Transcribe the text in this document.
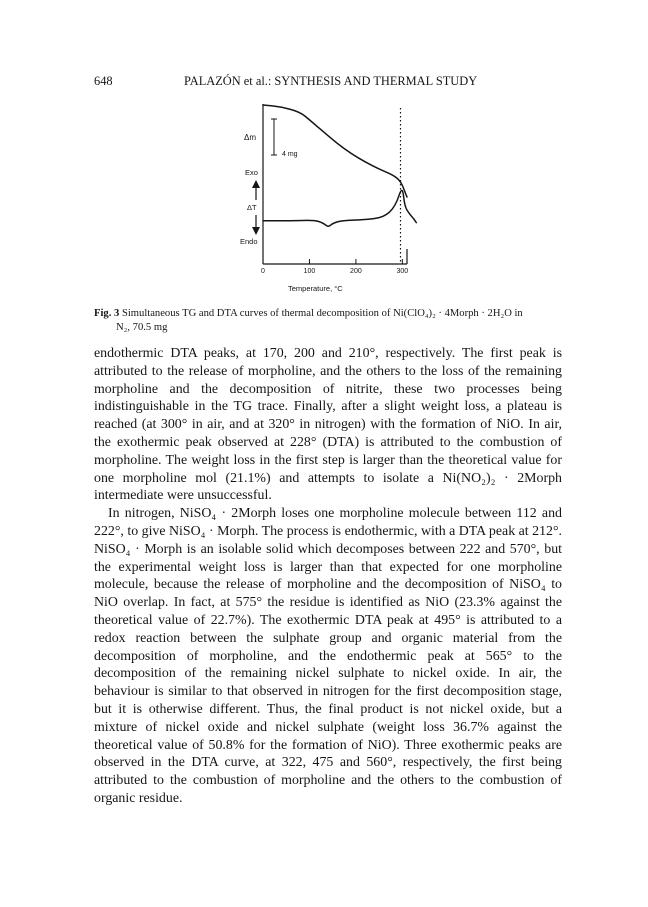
648	PALAZÓN et al.: SYNTHESIS AND THERMAL STUDY
0	100	200	300
Δm
Exo
ΔT
Endo
4 mg
Temperature, °C
Fig. 3 Simultaneous TG and DTA curves of thermal decomposition of Ni(ClO₄)₂ · 4Morph · 2H₂O in
N₂, 70.5 mg

endothermic DTA peaks, at 170, 200 and 210°, respectively. The first peak is attributed to the release of morpholine, and the others to the loss of the remaining morpholine and the decomposition of nitrite, these two processes being indistinguishable in the TG trace. Finally, after a slight weight loss, a plateau is reached (at 300° in air, and at 320° in nitrogen) with the formation of NiO. In air, the exothermic peak observed at 228° (DTA) is attributed to the combustion of morpholine. The weight loss in the first step is larger than the theoretical value for one morpholine mol (21.1%) and attempts to isolate a Ni(NO₂)₂ · 2Morph intermediate were unsuccessful.

In nitrogen, NiSO₄ · 2Morph loses one morpholine molecule between 112 and 222°, to give NiSO₄ · Morph. The process is endothermic, with a DTA peak at 212°. NiSO₄ · Morph is an isolable solid which decomposes between 222 and 570°, but the experimental weight loss is larger than that expected for one morpholine molecule, because the release of morpholine and the decomposition of NiSO₄ to NiO overlap. In fact, at 575° the residue is identified as NiO (23.3% against the theoretical value of 22.7%). The exothermic DTA peak at 495° is attributed to a redox reaction between the sulphate group and organic material from the decomposition of morpholine, and the endothermic peak at 565° to the decomposition of the remaining nickel sulphate to nickel oxide. In air, the behaviour is similar to that observed in nitrogen for the first decomposition stage, but it is otherwise different. Thus, the final product is not nickel oxide, but a mixture of nickel oxide and nickel sulphate (weight loss 36.7% against the theoretical value of 50.8% for the formation of NiO). Three exothermic peaks are observed in the DTA curve, at 322, 475 and 560°, respectively, the first being attributed to the combustion of morpholine and the others to the combustion of organic residue.
